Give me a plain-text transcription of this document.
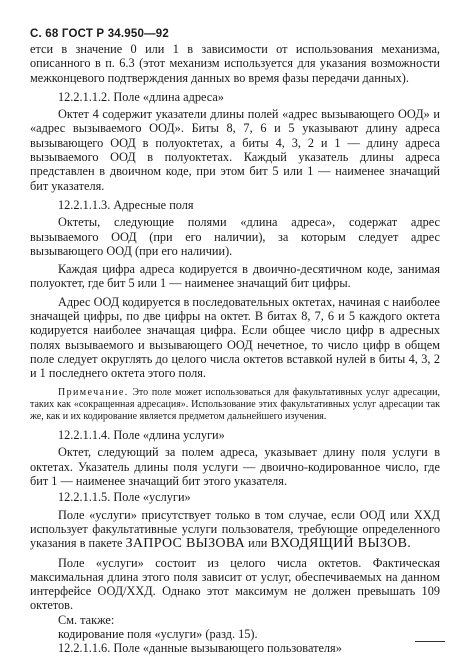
С. 68 ГОСТ Р 34.950—92

етси в значение 0 или 1 в зависимости от использования механизма, описанного в п. 6.3 (этот механизм используется для указания возможности межконцевого подтверждения данных во время фазы передачи данных).

12.2.1.1.2. Поле «длина адреса»

Октет 4 содержит указатели длины полей «адрес вызывающего ООД» и «адрес вызываемого ООД». Биты 8, 7, 6 и 5 указывают длину адреса вызывающего ООД в полуоктетах, а биты 4, 3, 2 и 1 — длину адреса вызываемого ООД в полуоктетах. Каждый указатель длины адреса представлен в двоичном коде, при этом бит 5 или 1 — наименее значащий бит указателя.

12.2.1.1.3. Адресные поля

Октеты, следующие полями «длина адреса», содержат адрес вызываемого ООД (при его наличии), за которым следует адрес вызывающего ООД (при его наличии).

Каждая цифра адреса кодируется в двоично-десятичном коде, занимая полуоктет, где бит 5 или 1 — наименее значащий бит цифры.

Адрес ООД кодируется в последовательных октетах, начиная с наиболее значащей цифры, по две цифры на октет. В битах 8, 7, 6 и 5 каждого октета кодируется наиболее значащая цифра. Если общее число цифр в адресных полях вызываемого и вызывающего ООД нечетное, то число цифр в общем поле следует округлять до целого числа октетов вставкой нулей в биты 4, 3, 2 и 1 последнего октета этого поля.

Примечание. Это поле может использоваться для факультативных услуг адресации, таких как «сокращенная адресация». Использование этих факультативных услуг адресации так же, как и их кодирование является предметом дальнейшего изучения.

12.2.1.1.4. Поле «длина услуги»

Октет, следующий за полем адреса, указывает длину поля услуги в октетах. Указатель длины поля услуги — двоично-кодированное число, где бит 1 — наименее значащий бит этого указателя.

12.2.1.1.5. Поле «услуги»

Поле «услуги» присутствует только в том случае, если ООД или ХХД использует факультативные услуги пользователя, требующие определенного указания в пакете ЗАПРОС ВЫЗОВА или ВХОДЯЩИЙ ВЫЗОВ.

Поле «услуги» состоит из целого числа октетов. Фактическая максимальная длина этого поля зависит от услуг, обеспечиваемых на данном интерфейсе ООД/ХХД. Однако этот максимум не должен превышать 109 октетов.

См. также:

кодирование поля «услуги» (разд. 15).

12.2.1.1.6. Поле «данные вызывающего пользователя»
